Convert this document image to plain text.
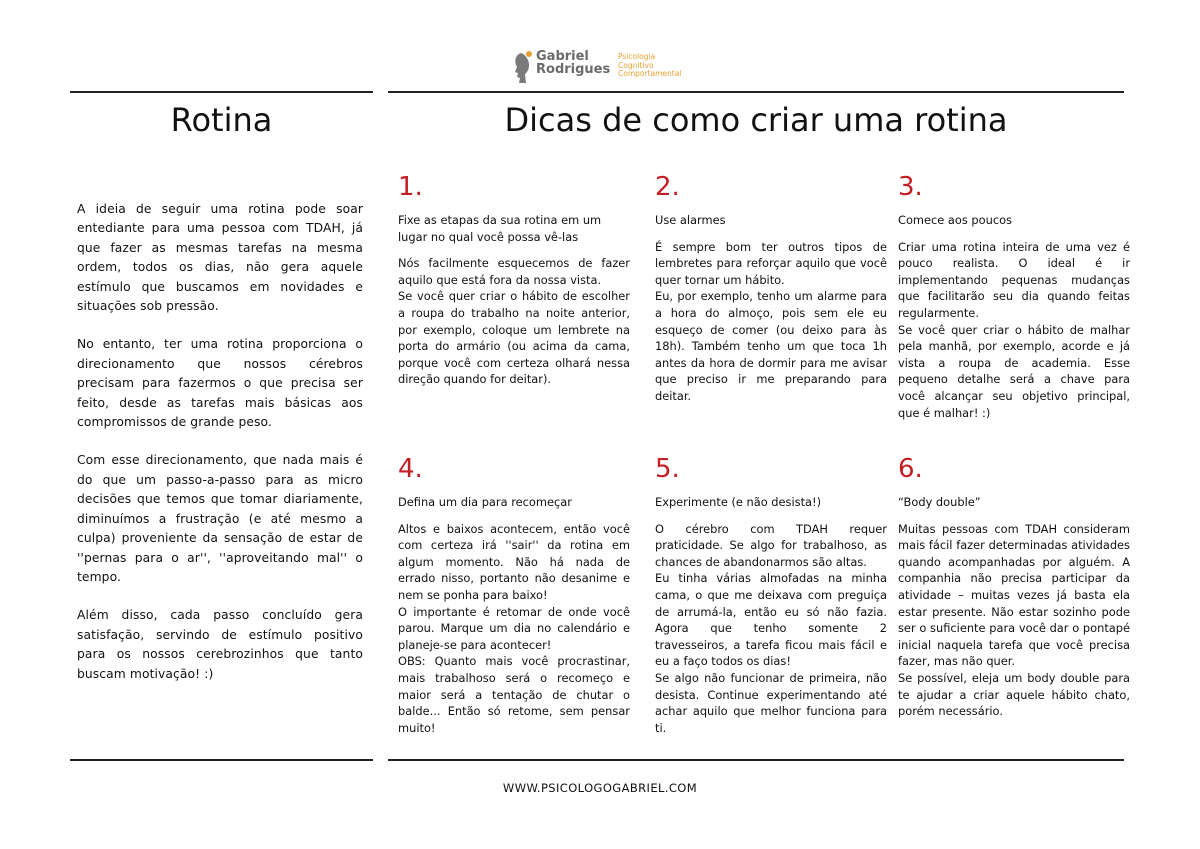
Gabriel
Rodrigues
Psicologia
Cognitivo
Comportamental
Rotina	Dicas de como criar uma rotina

A ideia de seguir uma rotina pode soar entediante para uma pessoa com TDAH, já que fazer as mesmas tarefas na mesma ordem, todos os dias, não gera aquele estímulo que buscamos em novidades e situações sob pressão.

No entanto, ter uma rotina proporciona o direcionamento que nossos cérebros precisam para fazermos o que precisa ser feito, desde as tarefas mais básicas aos compromissos de grande peso.

Com esse direcionamento, que nada mais é do que um passo-a-passo para as micro decisões que temos que tomar diariamente, diminuímos a frustração (e até mesmo a culpa) proveniente da sensação de estar de ''pernas para o ar'', ''aproveitando mal'' o tempo.

Além disso, cada passo concluído gera satisfação, servindo de estímulo positivo para os nossos cerebrozinhos que tanto buscam motivação! :)

1.
Fixe as etapas da sua rotina em um lugar no qual você possa vê-las
Nós facilmente esquecemos de fazer aquilo que está fora da nossa vista.
Se você quer criar o hábito de escolher a roupa do trabalho na noite anterior, por exemplo, coloque um lembrete na porta do armário (ou acima da cama, porque você com certeza olhará nessa direção quando for deitar).
2.
Use alarmes
É sempre bom ter outros tipos de lembretes para reforçar aquilo que você quer tornar um hábito.
Eu, por exemplo, tenho um alarme para a hora do almoço, pois sem ele eu esqueço de comer (ou deixo para às 18h). Também tenho um que toca 1h antes da hora de dormir para me avisar que preciso ir me preparando para deitar.
3.
Comece aos poucos
Criar uma rotina inteira de uma vez é pouco realista. O ideal é ir implementando pequenas mudanças que facilitarão seu dia quando feitas regularmente.
Se você quer criar o hábito de malhar pela manhã, por exemplo, acorde e já vista a roupa de academia. Esse pequeno detalhe será a chave para você alcançar seu objetivo principal, que é malhar! :)
4.
Defina um dia para recomeçar
Altos e baixos acontecem, então você com certeza irá ''sair'' da rotina em algum momento. Não há nada de errado nisso, portanto não desanime e nem se ponha para baixo!
O importante é retomar de onde você parou. Marque um dia no calendário e planeje-se para acontecer!
OBS: Quanto mais você procrastinar, mais trabalhoso será o recomeço e maior será a tentação de chutar o balde... Então só retome, sem pensar muito!
5.
Experimente (e não desista!)
O cérebro com TDAH requer praticidade. Se algo for trabalhoso, as chances de abandonarmos são altas.
Eu tinha várias almofadas na minha cama, o que me deixava com preguiça de arrumá-la, então eu só não fazia. Agora que tenho somente 2 travesseiros, a tarefa ficou mais fácil e eu a faço todos os dias!
Se algo não funcionar de primeira, não desista. Continue experimentando até achar aquilo que melhor funciona para ti.
6.
“Body double”
Muitas pessoas com TDAH consideram mais fácil fazer determinadas atividades quando acompanhadas por alguém. A companhia não precisa participar da atividade – muitas vezes já basta ela estar presente. Não estar sozinho pode ser o suficiente para você dar o pontapé inicial naquela tarefa que você precisa fazer, mas não quer.
Se possível, eleja um body double para te ajudar a criar aquele hábito chato, porém necessário.
WWW.PSICOLOGOGABRIEL.COM
